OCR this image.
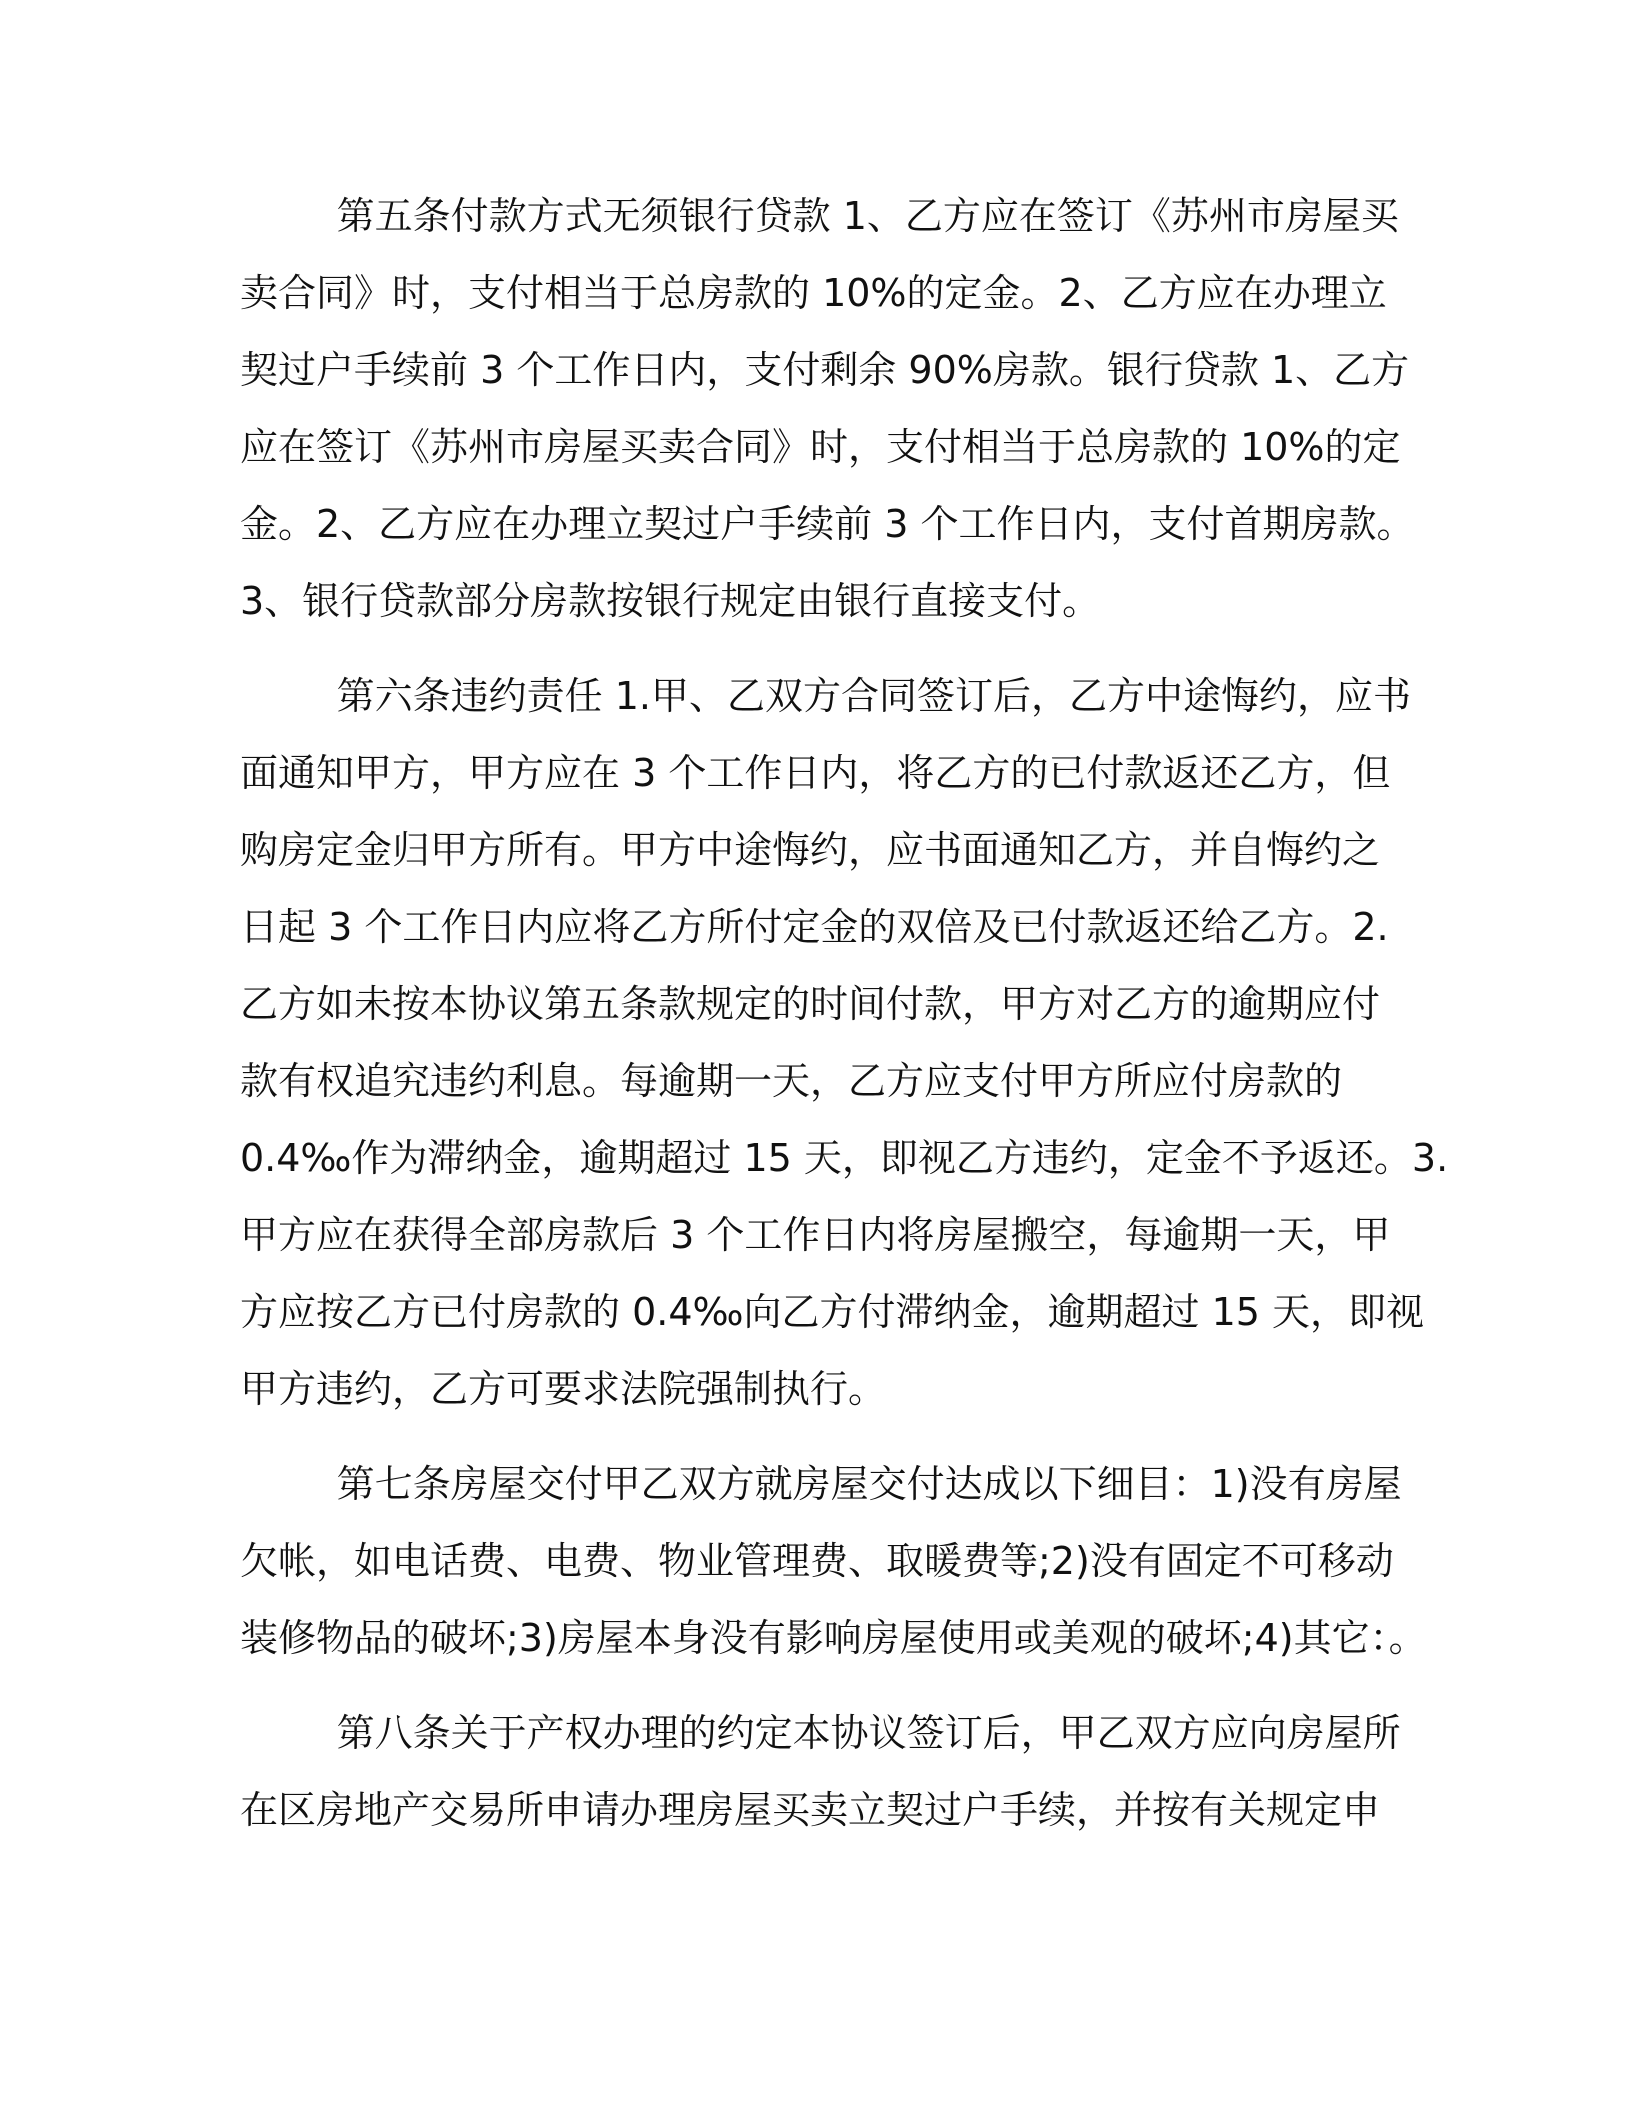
第五条付款方式无须银行贷款 1、乙方应在签订《苏州市房屋买
卖合同》时，支付相当于总房款的 10%的定金。2、乙方应在办理立
契过户手续前 3 个工作日内，支付剩余 90%房款。银行贷款 1、乙方
应在签订《苏州市房屋买卖合同》时，支付相当于总房款的 10%的定
金。2、乙方应在办理立契过户手续前 3 个工作日内，支付首期房款。
3、银行贷款部分房款按银行规定由银行直接支付。
第六条违约责任 1.甲、乙双方合同签订后，乙方中途悔约，应书
面通知甲方，甲方应在 3 个工作日内，将乙方的已付款返还乙方，但
购房定金归甲方所有。甲方中途悔约，应书面通知乙方，并自悔约之
日起 3 个工作日内应将乙方所付定金的双倍及已付款返还给乙方。2.
乙方如未按本协议第五条款规定的时间付款，甲方对乙方的逾期应付
款有权追究违约利息。每逾期一天，乙方应支付甲方所应付房款的
0.4‰作为滞纳金，逾期超过 15 天，即视乙方违约，定金不予返还。3.
甲方应在获得全部房款后 3 个工作日内将房屋搬空，每逾期一天，甲
方应按乙方已付房款的 0.4‰向乙方付滞纳金，逾期超过 15 天，即视
甲方违约，乙方可要求法院强制执行。
第七条房屋交付甲乙双方就房屋交付达成以下细目：1)没有房屋
欠帐，如电话费、电费、物业管理费、取暖费等;2)没有固定不可移动
装修物品的破坏;3)房屋本身没有影响房屋使用或美观的破坏;4)其它：。
第八条关于产权办理的约定本协议签订后，甲乙双方应向房屋所
在区房地产交易所申请办理房屋买卖立契过户手续，并按有关规定申
